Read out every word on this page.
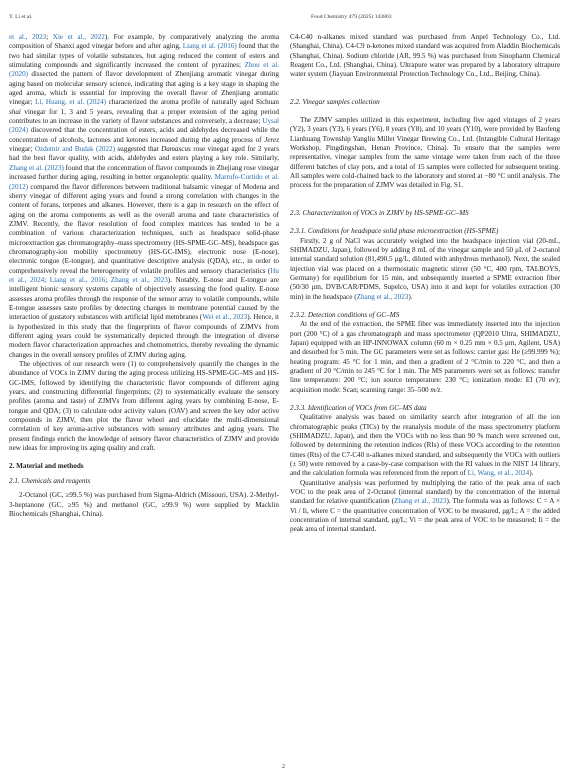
Y. Li et al.	Food Chemistry 479 (2025) 143803

et al., 2023; Xie et al., 2022). For example, by comparatively analyzing the aroma composition of Shanxi aged vinegar before and after aging, Liang et al. (2016) found that the two had similar types of volatile substances, but aging reduced the content of esters and stimulating compounds and significantly increased the content of pyrazines; Zhou et al. (2020) dissected the pattern of flavor development of Zhenjiang aromatic vinegar during aging based on molecular sensory science, indicating that aging is a key stage in shaping the aged aroma, which is essential for improving the overall flavor of Zhenjiang aromatic vinegar; Li, Huang, et al. (2024) characterized the aroma profile of naturally aged Sichuan shai vinegar for 1, 3 and 5 years, revealing that a proper extension of the aging period contributes to an increase in the variety of flavor substances and conversely, a decrease; Uysal (2024) discovered that the concentration of esters, acids and aldehydes decreased while the concentration of alcohols, lactones and ketones increased during the aging process of Jerez vinegar; Ozdemir and Budak (2022) suggested that Damascus rose vinegar aged for 2 years had the best flavor quality, with acids, aldehydes and esters playing a key role. Similarly, Zhang et al. (2023) found that the concentration of flavor compounds in Zhejiang rose vinegar increased further during aging, resulting in better organoleptic quality. Marrufo-Curtido et al. (2012) compared the flavor differences between traditional balsamic vinegar of Modena and sherry vinegar of different aging years and found a strong correlation with changes in the content of furans, terpenes and alkanes. However, there is a gap in research on the effect of aging on the aroma components as well as the overall aroma and taste characteristics of ZJMV. Recently, the flavor resolution of food complex matrices has tended to be a combination of various characterization techniques, such as headspace solid-phase microextraction gas chromatography–mass spectrometry (HS-SPME-GC–MS), headspace gas chromatography-ion mobility spectrometry (HS-GC-IMS), electronic nose (E-nose), electronic tongue (E-tongue), and quantitative descriptive analysis (QDA), etc., in order to comprehensively reveal the heterogeneity of volatile profiles and sensory characteristics (Hu et al., 2024; Liang et al., 2016; Zhang et al., 2023). Notably, E-nose and E-tongue are intelligent bionic sensory systems capable of objectively assessing the food quality. E-nose assesses aroma profiles through the response of the sensor array to volatile compounds, while E-tongue assesses taste profiles by detecting changes in membrane potential caused by the interaction of gustatory substances with artificial lipid membranes (Wei et al., 2023). Hence, it is hypothesized in this study that the fingerprints of flavor compounds of ZJMVs from different aging years could be systematically depicted through the integration of diverse modern flavor characterization approaches and chemometrics, thereby revealing the dynamic changes in the overall sensory profiles of ZJMV during aging.

The objectives of our research were (1) to comprehensively quantify the changes in the abundance of VOCs in ZJMV during the aging process utilizing HS-SPME-GC–MS and HS-GC-IMS, followed by identifying the characteristic flavor compounds of different aging years, and constructing differential fingerprints; (2) to systematically evaluate the sensory profiles (aroma and taste) of ZJMVs from different aging years by combining E-nose, E-tongue and QDA; (3) to calculate odor activity values (OAV) and screen the key odor active compounds in ZJMV, then plot the flavor wheel and elucidate the multi-dimensional correlation of key aroma-active substances with sensory attributes and aging years. The present findings enrich the knowledge of sensory flavor characteristics of ZJMV and provide new ideas for improving its aging quality and craft.

2. Material and methods

2.1. Chemicals and reagents

2-Octanol (GC, ≥99.5 %) was purchased from Sigma-Aldrich (Missouri, USA). 2-Methyl-3-heptanone (GC, ≥95 %) and methanol (GC, ≥99.9 %) were supplied by Macklin Biochemicals (Shanghai, China).

C4-C40 n-alkanes mixed standard was purchased from Anpel Technology Co., Ltd. (Shanghai, China). C4-C9 n-ketones mixed standard was acquired from Aladdin Biochemicals (Shanghai, China). Sodium chloride (AR, 99.5 %) was purchased from Sinopharm Chemical Reagent Co., Ltd. (Shanghai, China). Ultrapure water was prepared by a laboratory ultrapure water system (Jiayuan Environmental Protection Technology Co., Ltd., Beijing, China).

2.2. Vinegar samples collection

The ZJMV samples utilized in this experiment, including five aged vintages of 2 years (Y2), 3 years (Y3), 6 years (Y6), 8 years (Y8), and 10 years (Y10), were provided by Baofeng Lianhuang Township Yangliu Millet Vinegar Brewing Co., Ltd. (Intangible Cultural Heritage Workshop, Pingdingshan, Henan Province, China). To ensure that the samples were representative, vinegar samples from the same vintage were taken from each of the three different batches of clay pots, and a total of 15 samples were collected for subsequent testing. All samples were cold-chained back to the laboratory and stored at −80 °C until analysis. The process for the preparation of ZJMV was detailed in Fig. S1.

2.3. Characterization of VOCs in ZJMV by HS-SPME-GC–MS

2.3.1. Conditions for headspace solid phase microextraction (HS-SPME)

Firstly, 2 g of NaCl was accurately weighed into the headspace injection vial (20-mL, SHIMADZU, Japan), followed by adding 8 mL of the vinegar sample and 50 μL of 2-octanol internal standard solution (81,490.5 μg/L, diluted with anhydrous methanol). Next, the sealed injection vial was placed on a thermostatic magnetic stirrer (50 °C, 400 rpm, TALBOYS, Germany) for equilibrium for 15 min, and subsequently inserted a SPME extraction fiber (50/30 μm, DVB/CAR/PDMS, Supelco, USA) into it and kept for volatiles extraction (30 min) in the headspace (Zhang et al., 2023).

2.3.2. Detection conditions of GC–MS

At the end of the extraction, the SPME fiber was immediately inserted into the injection port (200 °C) of a gas chromatograph and mass spectrometer (QP2010 Ultra, SHIMADZU, Japan) equipped with an HP-INNOWAX column (60 m × 0.25 mm × 0.5 μm, Agilent, USA) and desorbed for 5 min. The GC parameters were set as follows: carrier gas: He (≥99.999 %); heating program: 45 °C for 1 min, and then a gradient of 2 °C/min to 220 °C, and then a gradient of 20 °C/min to 245 °C for 1 min. The MS parameters were set as follows: transfer line temperature: 200 °C; ion source temperature: 230 °C; ionization mode: EI (70 ev); acquisition mode: Scan; scanning range: 35–500 m/z.

2.3.3. Identification of VOCs from GC–MS data

Qualitative analysis was based on similarity search after integration of all the ion chromatographic peaks (TICs) by the reanalysis module of the mass spectrometry platform (SHIMADZU, Japan), and then the VOCs with no less than 90 % match were screened out, followed by determining the retention indices (RIs) of these VOCs according to the retention times (Rts) of the C7-C40 n-alkanes mixed standard, and subsequently the VOCs with outliers (± 50) were removed by a case-by-case comparison with the RI values in the NIST 14 library, and the calculation formula was referenced from the report of Li, Wang, et al., 2024).

Quantitative analysis was performed by multiplying the ratio of the peak area of each VOC to the peak area of 2-Octanol (internal standard) by the concentration of the internal standard for relative quantification (Zhang et al., 2023). The formula was as follows: C = A × Vi / Ii, where C = the quantitative concentration of VOC to be measured, μg/L; A = the added concentration of internal standard, μg/L; Vi = the peak area of VOC to be measured; Ii = the peak area of internal standard.

2
